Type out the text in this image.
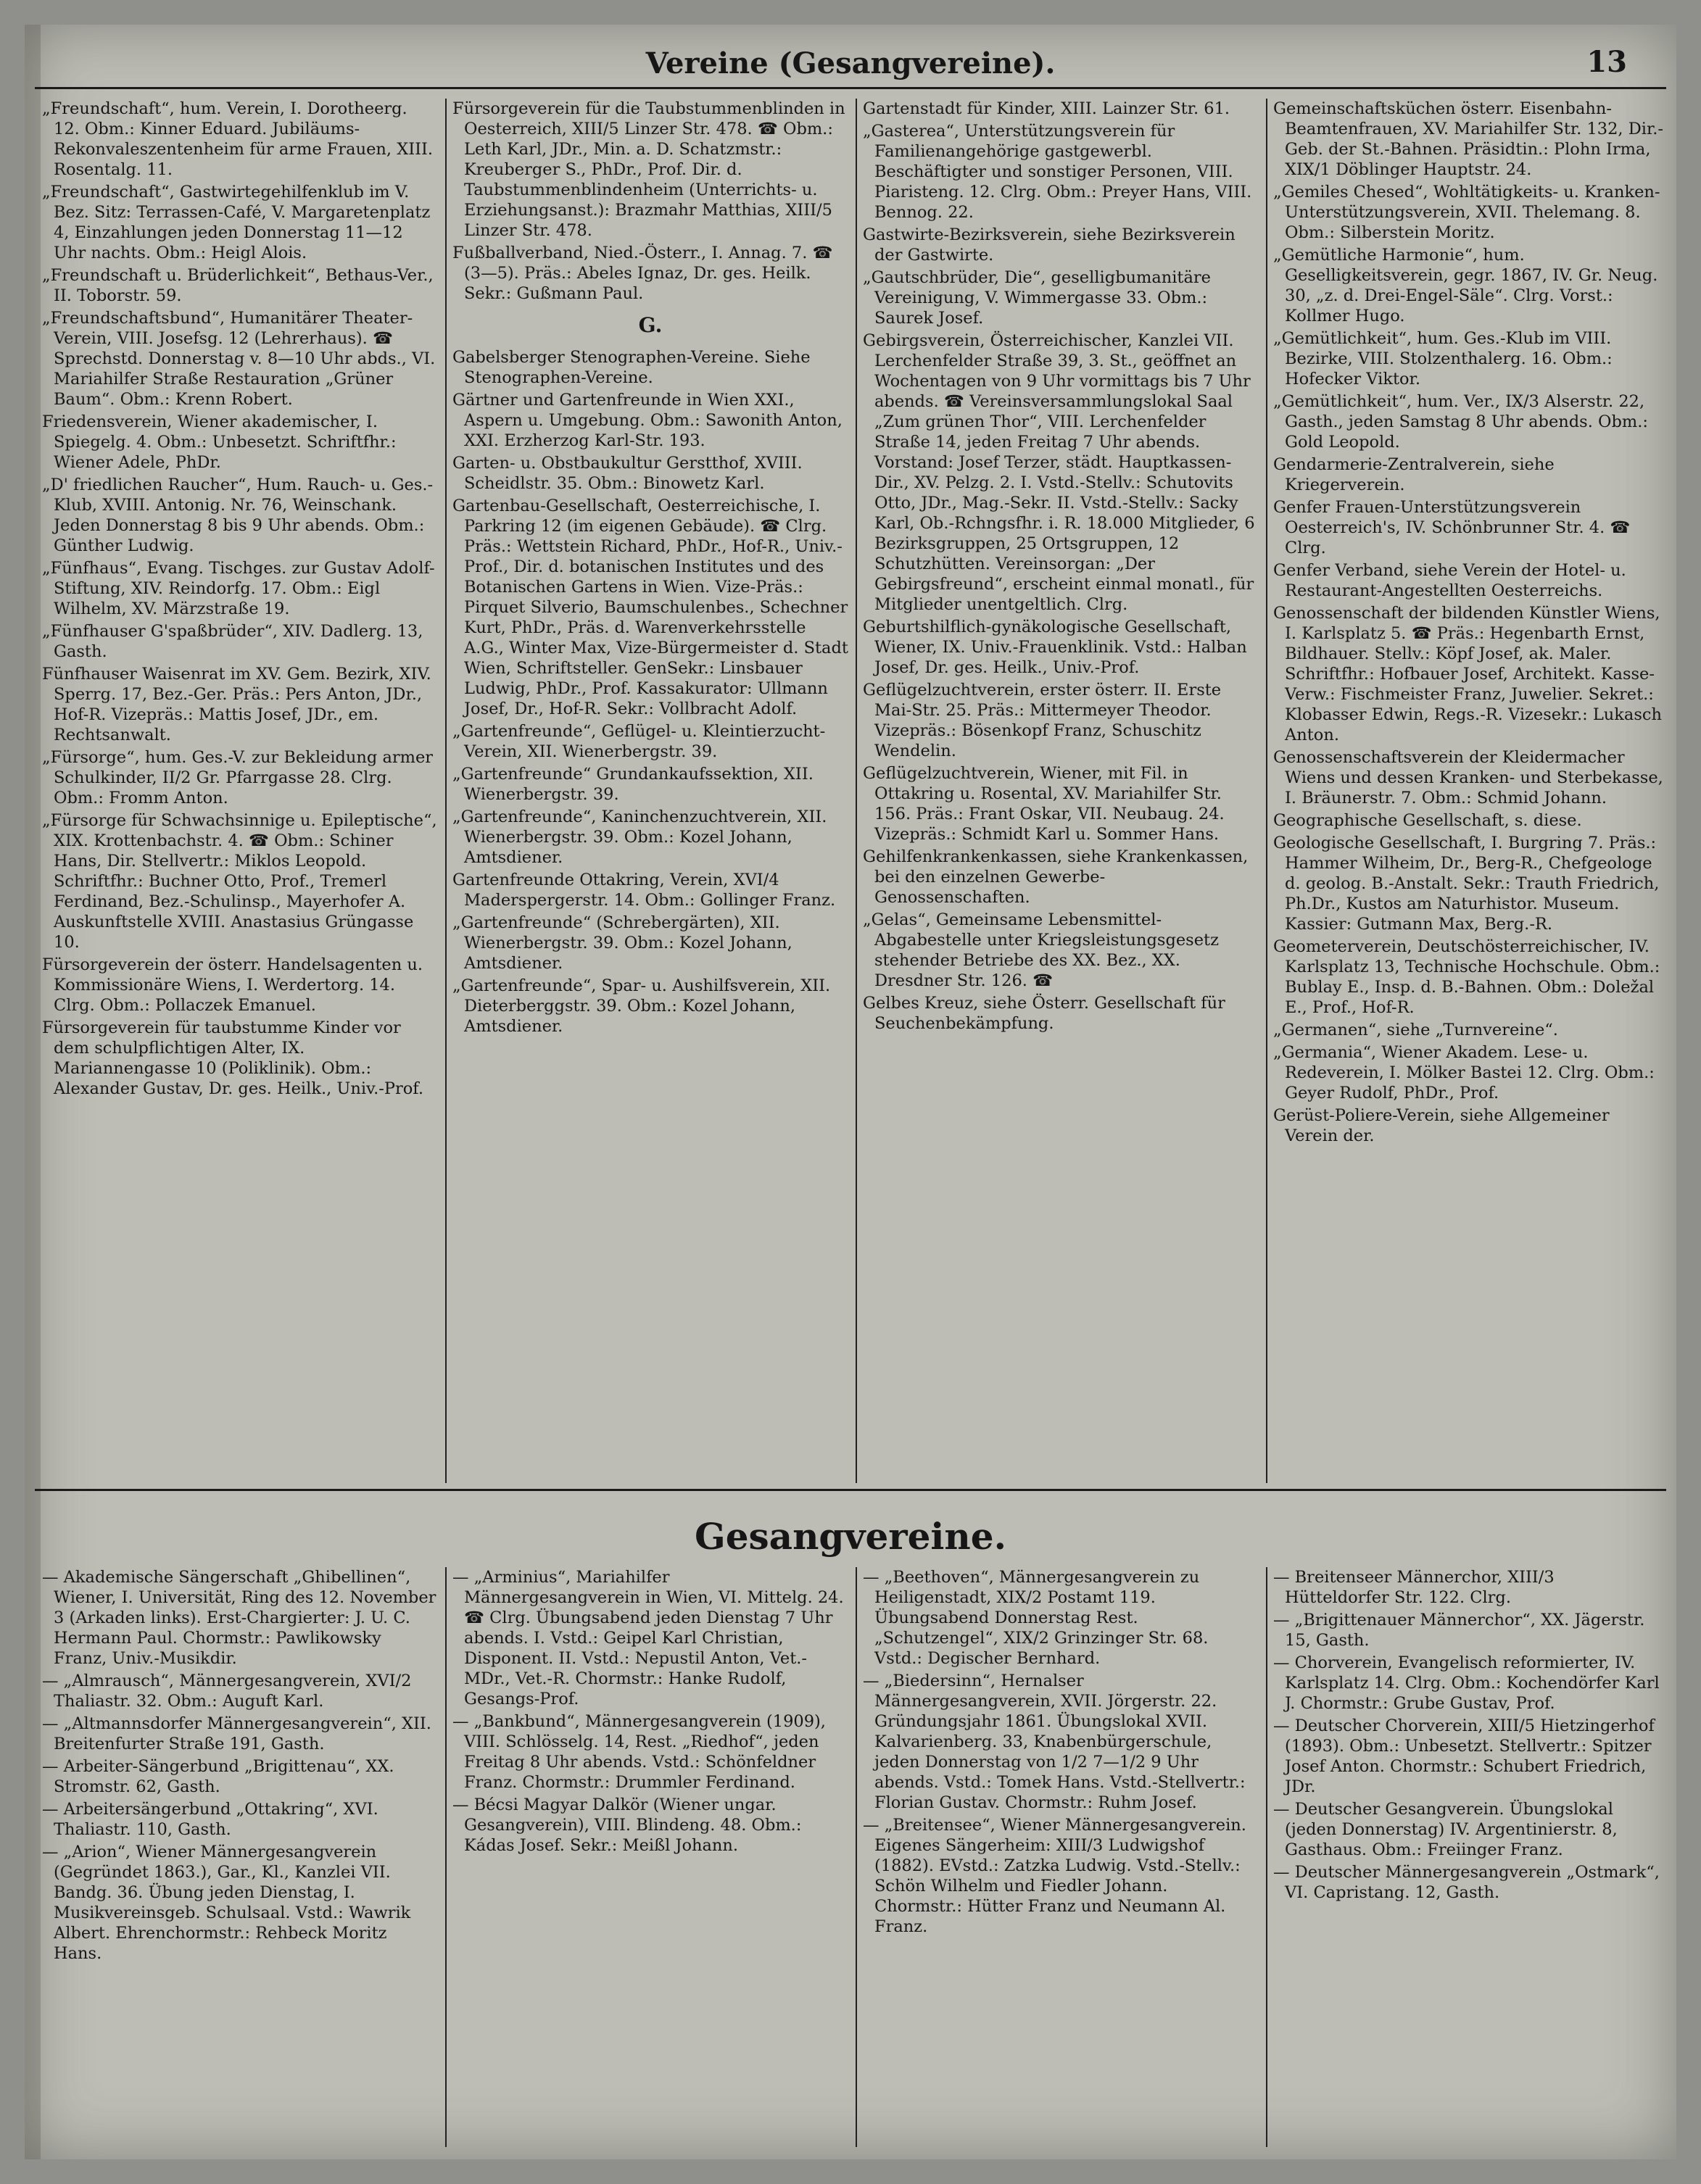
Vereine (Gesangvereine).	13
„Freundschaft“, hum. Verein, I. Dorotheerg. 12. Obm.: Kinner Eduard. Jubiläums-Rekonvaleszentenheim für arme Frauen, XIII. Rosentalg. 11.
„Freundschaft“, Gastwirtegehilfenklub im V. Bez. Sitz: Terrassen-Café, V. Margaretenplatz 4, Einzahlungen jeden Donnerstag 11—12 Uhr nachts. Obm.: Heigl Alois.
„Freundschaft u. Brüderlichkeit“, Bethaus-Ver., II. Toborstr. 59.
„Freundschaftsbund“, Humanitärer Theater-Verein, VIII. Josefsg. 12 (Lehrerhaus). ☎ Sprechstd. Donnerstag v. 8—10 Uhr abds., VI. Mariahilfer Straße Restauration „Grüner Baum“. Obm.: Krenn Robert.
Friedensverein, Wiener akademischer, I. Spiegelg. 4. Obm.: Unbesetzt. Schriftfhr.: Wiener Adele, PhDr.
„D' friedlichen Raucher“, Hum. Rauch- u. Ges.-Klub, XVIII. Antonig. Nr. 76, Weinschank. Jeden Donnerstag 8 bis 9 Uhr abends. Obm.: Günther Ludwig.
„Fünfhaus“, Evang. Tischges. zur Gustav Adolf-Stiftung, XIV. Reindorfg. 17. Obm.: Eigl Wilhelm, XV. Märzstraße 19.
„Fünfhauser G'spaßbrüder“, XIV. Dadlerg. 13, Gasth.
Fünfhauser Waisenrat im XV. Gem. Bezirk, XIV. Sperrg. 17, Bez.-Ger. Präs.: Pers Anton, JDr., Hof-R. Vizepräs.: Mattis Josef, JDr., em. Rechtsanwalt.
„Fürsorge“, hum. Ges.-V. zur Bekleidung armer Schulkinder, II/2 Gr. Pfarrgasse 28. Clrg. Obm.: Fromm Anton.
„Fürsorge für Schwachsinnige u. Epileptische“, XIX. Krottenbachstr. 4. ☎ Obm.: Schiner Hans, Dir. Stellvertr.: Miklos Leopold. Schriftfhr.: Buchner Otto, Prof., Tremerl Ferdinand, Bez.-Schulinsp., Mayerhofer A. Auskunftstelle XVIII. Anastasius Grüngasse 10.
Fürsorgeverein der österr. Handelsagenten u. Kommissionäre Wiens, I. Werdertorg. 14. Clrg. Obm.: Pollaczek Emanuel.
Fürsorgeverein für taubstumme Kinder vor dem schulpflichtigen Alter, IX. Mariannengasse 10 (Poliklinik). Obm.: Alexander Gustav, Dr. ges. Heilk., Univ.-Prof.
Fürsorgeverein für die Taubstummenblinden in Oesterreich, XIII/5 Linzer Str. 478. ☎ Obm.: Leth Karl, JDr., Min. a. D. Schatzmstr.: Kreuberger S., PhDr., Prof. Dir. d. Taubstummenblindenheim (Unterrichts- u. Erziehungsanst.): Brazmahr Matthias, XIII/5 Linzer Str. 478.
Fußballverband, Nied.-Österr., I. Annag. 7. ☎ (3—5). Präs.: Abeles Ignaz, Dr. ges. Heilk. Sekr.: Gußmann Paul.
G.
Gabelsberger Stenographen-Vereine. Siehe Stenographen-Vereine.
Gärtner und Gartenfreunde in Wien XXI., Aspern u. Umgebung. Obm.: Sawonith Anton, XXI. Erzherzog Karl-Str. 193.
Garten- u. Obstbaukultur Gerstthof, XVIII. Scheidlstr. 35. Obm.: Binowetz Karl.
Gartenbau-Gesellschaft, Oesterreichische, I. Parkring 12 (im eigenen Gebäude). ☎ Clrg. Präs.: Wettstein Richard, PhDr., Hof-R., Univ.-Prof., Dir. d. botanischen Institutes und des Botanischen Gartens in Wien. Vize-Präs.: Pirquet Silverio, Baumschulenbes., Schechner Kurt, PhDr., Präs. d. Warenverkehrsstelle A.G., Winter Max, Vize-Bürgermeister d. Stadt Wien, Schriftsteller. GenSekr.: Linsbauer Ludwig, PhDr., Prof. Kassakurator: Ullmann Josef, Dr., Hof-R. Sekr.: Vollbracht Adolf.
„Gartenfreunde“, Geflügel- u. Kleintierzucht-Verein, XII. Wienerbergstr. 39.
„Gartenfreunde“ Grundankaufssektion, XII. Wienerbergstr. 39.
„Gartenfreunde“, Kaninchenzuchtverein, XII. Wienerbergstr. 39. Obm.: Kozel Johann, Amtsdiener.
Gartenfreunde Ottakring, Verein, XVI/4 Maderspergerstr. 14. Obm.: Gollinger Franz.
„Gartenfreunde“ (Schrebergärten), XII. Wienerbergstr. 39. Obm.: Kozel Johann, Amtsdiener.
„Gartenfreunde“, Spar- u. Aushilfsverein, XII. Dieterberggstr. 39. Obm.: Kozel Johann, Amtsdiener.
Gartenstadt für Kinder, XIII. Lainzer Str. 61.
„Gasterea“, Unterstützungsverein für Familienangehörige gastgewerbl. Beschäftigter und sonstiger Personen, VIII. Piaristeng. 12. Clrg. Obm.: Preyer Hans, VIII. Bennog. 22.
Gastwirte-Bezirksverein, siehe Bezirksverein der Gastwirte.
„Gautschbrüder, Die“, geselligbumanitäre Vereinigung, V. Wimmergasse 33. Obm.: Saurek Josef.
Gebirgsverein, Österreichischer, Kanzlei VII. Lerchenfelder Straße 39, 3. St., geöffnet an Wochentagen von 9 Uhr vormittags bis 7 Uhr abends. ☎ Vereinsversammlungslokal Saal „Zum grünen Thor“, VIII. Lerchenfelder Straße 14, jeden Freitag 7 Uhr abends. Vorstand: Josef Terzer, städt. Hauptkassen-Dir., XV. Pelzg. 2. I. Vstd.-Stellv.: Schutovits Otto, JDr., Mag.-Sekr. II. Vstd.-Stellv.: Sacky Karl, Ob.-Rchngsfhr. i. R. 18.000 Mitglieder, 6 Bezirksgruppen, 25 Ortsgruppen, 12 Schutzhütten. Vereinsorgan: „Der Gebirgsfreund“, erscheint einmal monatl., für Mitglieder unentgeltlich. Clrg.
Geburtshilflich-gynäkologische Gesellschaft, Wiener, IX. Univ.-Frauenklinik. Vstd.: Halban Josef, Dr. ges. Heilk., Univ.-Prof.
Geflügelzuchtverein, erster österr. II. Erste Mai-Str. 25. Präs.: Mittermeyer Theodor. Vizepräs.: Bösenkopf Franz, Schuschitz Wendelin.
Geflügelzuchtverein, Wiener, mit Fil. in Ottakring u. Rosental, XV. Mariahilfer Str. 156. Präs.: Frant Oskar, VII. Neubaug. 24. Vizepräs.: Schmidt Karl u. Sommer Hans.
Gehilfenkrankenkassen, siehe Krankenkassen, bei den einzelnen Gewerbe-Genossenschaften.
„Gelas“, Gemeinsame Lebensmittel-Abgabestelle unter Kriegsleistungsgesetz stehender Betriebe des XX. Bez., XX. Dresdner Str. 126. ☎
Gelbes Kreuz, siehe Österr. Gesellschaft für Seuchenbekämpfung.
Gemeinschaftsküchen österr. Eisenbahn-Beamtenfrauen, XV. Mariahilfer Str. 132, Dir.-Geb. der St.-Bahnen. Präsidtin.: Plohn Irma, XIX/1 Döblinger Hauptstr. 24.
„Gemiles Chesed“, Wohltätigkeits- u. Kranken-Unterstützungsverein, XVII. Thelemang. 8. Obm.: Silberstein Moritz.
„Gemütliche Harmonie“, hum. Geselligkeitsverein, gegr. 1867, IV. Gr. Neug. 30, „z. d. Drei-Engel-Säle“. Clrg. Vorst.: Kollmer Hugo.
„Gemütlichkeit“, hum. Ges.-Klub im VIII. Bezirke, VIII. Stolzenthalerg. 16. Obm.: Hofecker Viktor.
„Gemütlichkeit“, hum. Ver., IX/3 Alserstr. 22, Gasth., jeden Samstag 8 Uhr abends. Obm.: Gold Leopold.
Gendarmerie-Zentralverein, siehe Kriegerverein.
Genfer Frauen-Unterstützungsverein Oesterreich's, IV. Schönbrunner Str. 4. ☎ Clrg.
Genfer Verband, siehe Verein der Hotel- u. Restaurant-Angestellten Oesterreichs.
Genossenschaft der bildenden Künstler Wiens, I. Karlsplatz 5. ☎ Präs.: Hegenbarth Ernst, Bildhauer. Stellv.: Köpf Josef, ak. Maler. Schriftfhr.: Hofbauer Josef, Architekt. Kasse-Verw.: Fischmeister Franz, Juwelier. Sekret.: Klobasser Edwin, Regs.-R. Vizesekr.: Lukasch Anton.
Genossenschaftsverein der Kleidermacher Wiens und dessen Kranken- und Sterbekasse, I. Bräunerstr. 7. Obm.: Schmid Johann.
Geographische Gesellschaft, s. diese.
Geologische Gesellschaft, I. Burgring 7. Präs.: Hammer Wilheim, Dr., Berg-R., Chefgeologe d. geolog. B.-Anstalt. Sekr.: Trauth Friedrich, Ph.Dr., Kustos am Naturhistor. Museum. Kassier: Gutmann Max, Berg.-R.
Geometerverein, Deutschösterreichischer, IV. Karlsplatz 13, Technische Hochschule. Obm.: Bublay E., Insp. d. B.-Bahnen. Obm.: Doležal E., Prof., Hof-R.
„Germanen“, siehe „Turnvereine“.
„Germania“, Wiener Akadem. Lese- u. Redeverein, I. Mölker Bastei 12. Clrg. Obm.: Geyer Rudolf, PhDr., Prof.
Gerüst-Poliere-Verein, siehe Allgemeiner Verein der.
Gesangvereine.
— Akademische Sängerschaft „Ghibellinen“, Wiener, I. Universität, Ring des 12. November 3 (Arkaden links). Erst-Chargierter: J. U. C. Hermann Paul. Chormstr.: Pawlikowsky Franz, Univ.-Musikdir.
— „Almrausch“, Männergesangverein, XVI/2 Thaliastr. 32. Obm.: Auguft Karl.
— „Altmannsdorfer Männergesangverein“, XII. Breitenfurter Straße 191, Gasth.
— Arbeiter-Sängerbund „Brigittenau“, XX. Stromstr. 62, Gasth.
— Arbeitersängerbund „Ottakring“, XVI. Thaliastr. 110, Gasth.
— „Arion“, Wiener Männergesangverein (Gegründet 1863.), Gar., Kl., Kanzlei VII. Bandg. 36. Übung jeden Dienstag, I. Musikvereinsgeb. Schulsaal. Vstd.: Wawrik Albert. Ehrenchormstr.: Rehbeck Moritz Hans.
— „Arminius“, Mariahilfer Männergesangverein in Wien, VI. Mittelg. 24. ☎ Clrg. Übungsabend jeden Dienstag 7 Uhr abends. I. Vstd.: Geipel Karl Christian, Disponent. II. Vstd.: Nepustil Anton, Vet.-MDr., Vet.-R. Chormstr.: Hanke Rudolf, Gesangs-Prof.
— „Bankbund“, Männergesangverein (1909), VIII. Schlösselg. 14, Rest. „Riedhof“, jeden Freitag 8 Uhr abends. Vstd.: Schönfeldner Franz. Chormstr.: Drummler Ferdinand.
— Bécsi Magyar Dalkör (Wiener ungar. Gesangverein), VIII. Blindeng. 48. Obm.: Kádas Josef. Sekr.: Meißl Johann.
— „Beethoven“, Männergesangverein zu Heiligenstadt, XIX/2 Postamt 119. Übungsabend Donnerstag Rest. „Schutzengel“, XIX/2 Grinzinger Str. 68. Vstd.: Degischer Bernhard.
— „Biedersinn“, Hernalser Männergesangverein, XVII. Jörgerstr. 22. Gründungsjahr 1861. Übungslokal XVII. Kalvarienberg. 33, Knabenbürgerschule, jeden Donnerstag von 1/2 7—1/2 9 Uhr abends. Vstd.: Tomek Hans. Vstd.-Stellvertr.: Florian Gustav. Chormstr.: Ruhm Josef.
— „Breitensee“, Wiener Männergesangverein. Eigenes Sängerheim: XIII/3 Ludwigshof (1882). EVstd.: Zatzka Ludwig. Vstd.-Stellv.: Schön Wilhelm und Fiedler Johann. Chormstr.: Hütter Franz und Neumann Al. Franz.
— Breitenseer Männerchor, XIII/3 Hütteldorfer Str. 122. Clrg.
— „Brigittenauer Männerchor“, XX. Jägerstr. 15, Gasth.
— Chorverein, Evangelisch reformierter, IV. Karlsplatz 14. Clrg. Obm.: Kochendörfer Karl J. Chormstr.: Grube Gustav, Prof.
— Deutscher Chorverein, XIII/5 Hietzingerhof (1893). Obm.: Unbesetzt. Stellvertr.: Spitzer Josef Anton. Chormstr.: Schubert Friedrich, JDr.
— Deutscher Gesangverein. Übungslokal (jeden Donnerstag) IV. Argentinierstr. 8, Gasthaus. Obm.: Freiinger Franz.
— Deutscher Männergesangverein „Ostmark“, VI. Capristang. 12, Gasth.
